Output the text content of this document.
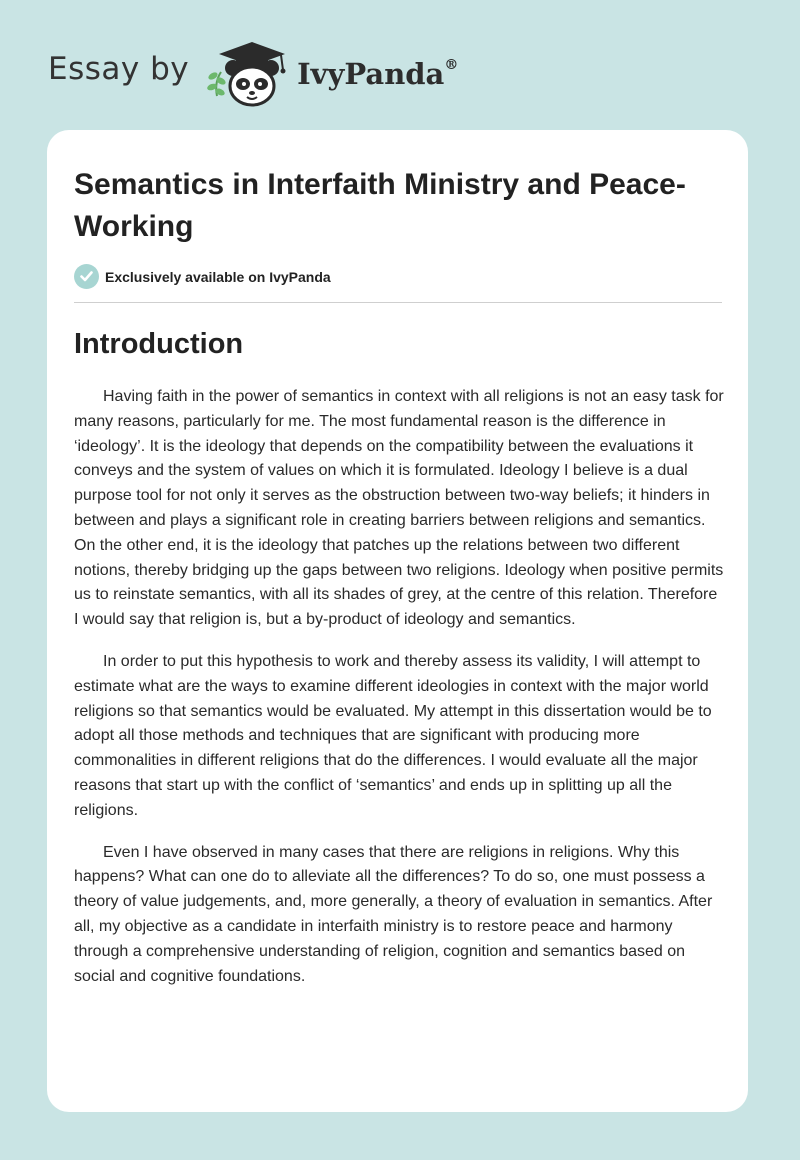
Essay by	IvyPanda®
Semantics in Interfaith Ministry and Peace-Working
Exclusively available on IvyPanda
Introduction

Having faith in the power of semantics in context with all religions is not an easy task for many reasons, particularly for me. The most fundamental reason is the difference in ‘ideology’. It is the ideology that depends on the compatibility between the evaluations it conveys and the system of values on which it is formulated. Ideology I believe is a dual purpose tool for not only it serves as the obstruction between two-way beliefs; it hinders in between and plays a significant role in creating barriers between religions and semantics. On the other end, it is the ideology that patches up the relations between two different notions, thereby bridging up the gaps between two religions. Ideology when positive permits us to reinstate semantics, with all its shades of grey, at the centre of this relation. Therefore I would say that religion is, but a by-product of ideology and semantics.

In order to put this hypothesis to work and thereby assess its validity, I will attempt to estimate what are the ways to examine different ideologies in context with the major world religions so that semantics would be evaluated. My attempt in this dissertation would be to adopt all those methods and techniques that are significant with producing more commonalities in different religions that do the differences. I would evaluate all the major reasons that start up with the conflict of ‘semantics’ and ends up in splitting up all the religions.

Even I have observed in many cases that there are religions in religions. Why this happens? What can one do to alleviate all the differences? To do so, one must possess a theory of value judgements, and, more generally, a theory of evaluation in semantics. After all, my objective as a candidate in interfaith ministry is to restore peace and harmony through a comprehensive understanding of religion, cognition and semantics based on social and cognitive foundations.
